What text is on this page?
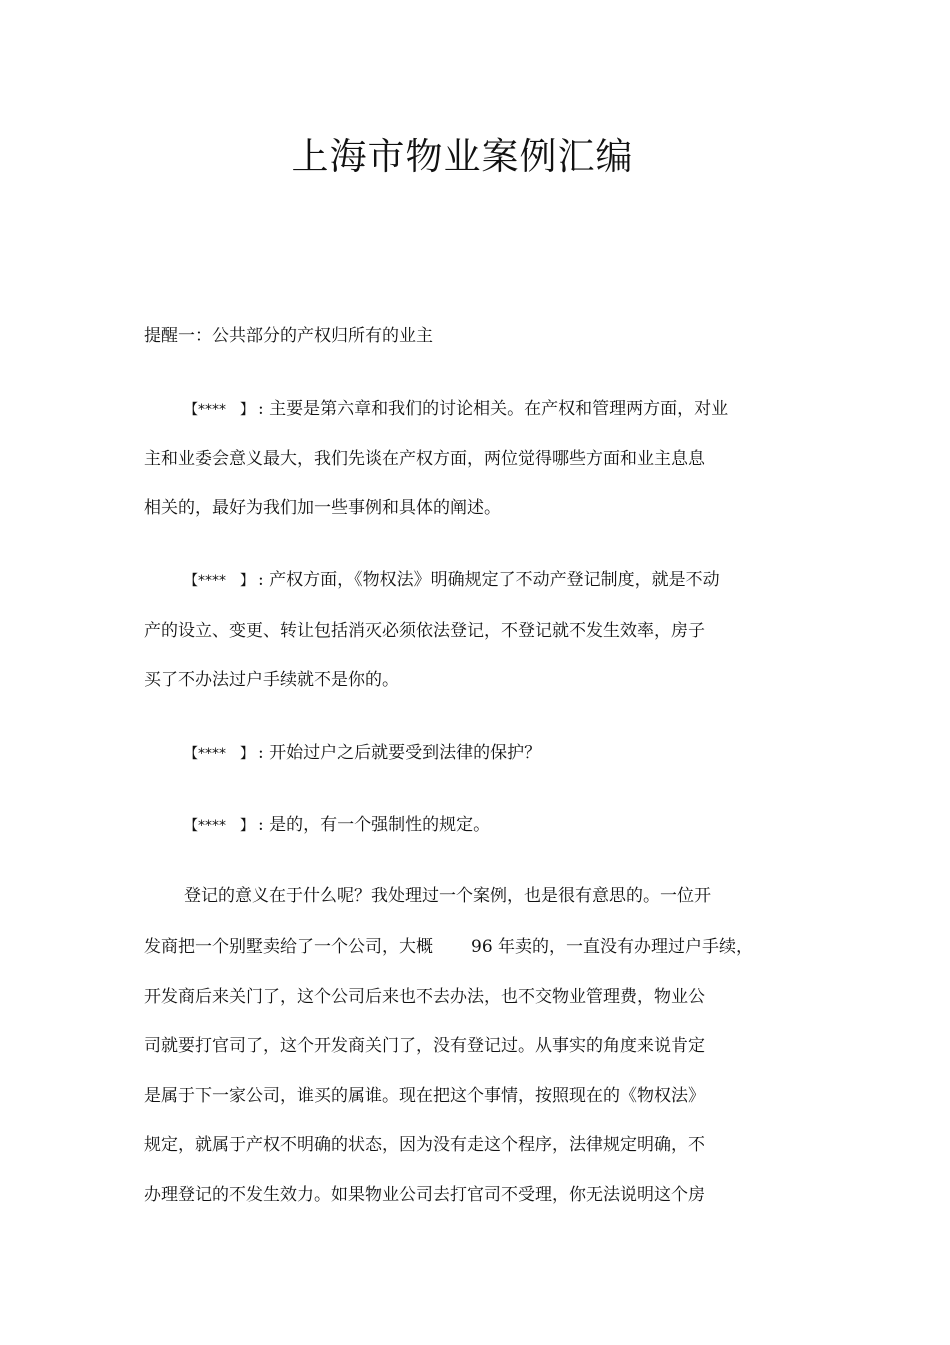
上海市物业案例汇编
提醒一：公共部分的产权归所有的业主
【****　】 : 主要是第六章和我们的讨论相关。在产权和管理两方面，对业
主和业委会意义最大，我们先谈在产权方面，两位觉得哪些方面和业主息息
相关的，最好为我们加一些事例和具体的阐述。
【****　】 : 产权方面，《物权法》明确规定了不动产登记制度，就是不动
产的设立、变更、转让包括消灭必须依法登记，不登记就不发生效率，房子
买了不办法过户手续就不是你的。
【****　】 : 开始过户之后就要受到法律的保护？
【****　】 : 是的，有一个强制性的规定。
登记的意义在于什么呢？我处理过一个案例，也是很有意思的。一位开
发商把一个别墅卖给了一个公司，大概 96 年卖的，一直没有办理过户手续，
开发商后来关门了，这个公司后来也不去办法，也不交物业管理费，物业公
司就要打官司了，这个开发商关门了，没有登记过。从事实的角度来说肯定
是属于下一家公司，谁买的属谁。现在把这个事情，按照现在的《物权法》
规定，就属于产权不明确的状态，因为没有走这个程序，法律规定明确，不
办理登记的不发生效力。如果物业公司去打官司不受理，你无法说明这个房
